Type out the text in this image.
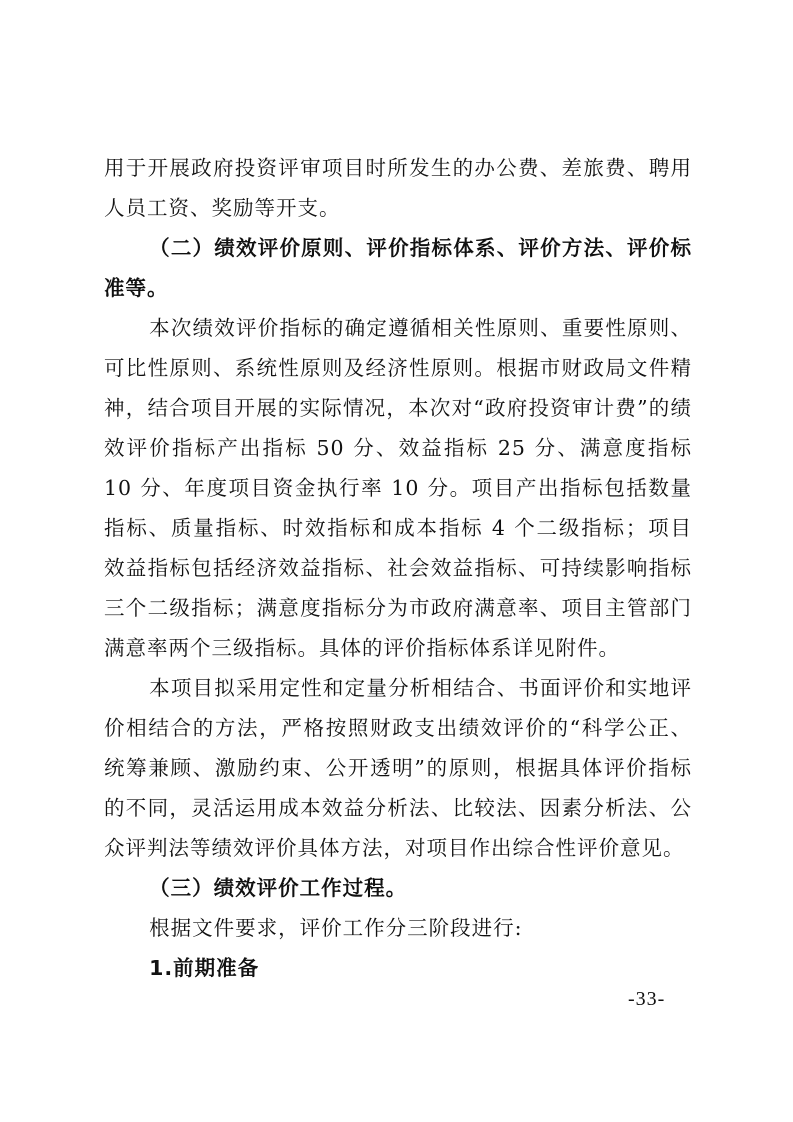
用于开展政府投资评审项目时所发生的办公费、差旅费、聘用人员工资、奖励等开支。

（二）绩效评价原则、评价指标体系、评价方法、评价标准等。

本次绩效评价指标的确定遵循相关性原则、重要性原则、可比性原则、系统性原则及经济性原则。根据市财政局文件精神，结合项目开展的实际情况，本次对“政府投资审计费”的绩效评价指标产出指标 50 分、效益指标 25 分、满意度指标 10 分、年度项目资金执行率 10 分。项目产出指标包括数量指标、质量指标、时效指标和成本指标 4 个二级指标；项目效益指标包括经济效益指标、社会效益指标、可持续影响指标三个二级指标；满意度指标分为市政府满意率、项目主管部门满意率两个三级指标。具体的评价指标体系详见附件。

本项目拟采用定性和定量分析相结合、书面评价和实地评价相结合的方法，严格按照财政支出绩效评价的“科学公正、统筹兼顾、激励约束、公开透明”的原则，根据具体评价指标的不同，灵活运用成本效益分析法、比较法、因素分析法、公众评判法等绩效评价具体方法，对项目作出综合性评价意见。

（三）绩效评价工作过程。

根据文件要求，评价工作分三阶段进行:

1.前期准备

-33-
